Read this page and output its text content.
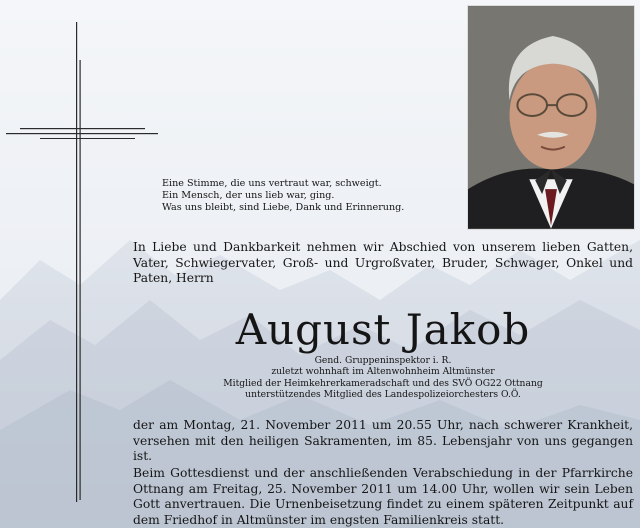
Eine Stimme, die uns vertraut war, schweigt.
Ein Mensch, der uns lieb war, ging.
Was uns bleibt, sind Liebe, Dank und Erinnerung.
In Liebe und Dankbarkeit nehmen wir Abschied von unserem lieben Gatten, Vater, Schwiegervater, Groß- und Urgroßvater, Bruder, Schwager, Onkel und Paten, Herrn
August Jakob
Gend. Gruppeninspektor i. R.
zuletzt wohnhaft im Altenwohnheim Altmünster
Mitglied der Heimkehrerkameradschaft und des SVÖ OG22 Ottnang
unterstützendes Mitglied des Landespolizeiorchesters O.Ö.
der am Montag, 21. November 2011 um 20.55 Uhr, nach schwerer Krankheit, versehen mit den heiligen Sakramenten, im 85. Lebensjahr von uns gegangen ist.
Beim Gottesdienst und der anschließenden Verabschiedung in der Pfarrkirche Ottnang am Freitag, 25. November 2011 um 14.00 Uhr, wollen wir sein Leben Gott anvertrauen. Die Urnenbeisetzung findet zu einem späteren Zeitpunkt auf dem Friedhof in Altmünster im engsten Familienkreis statt.
